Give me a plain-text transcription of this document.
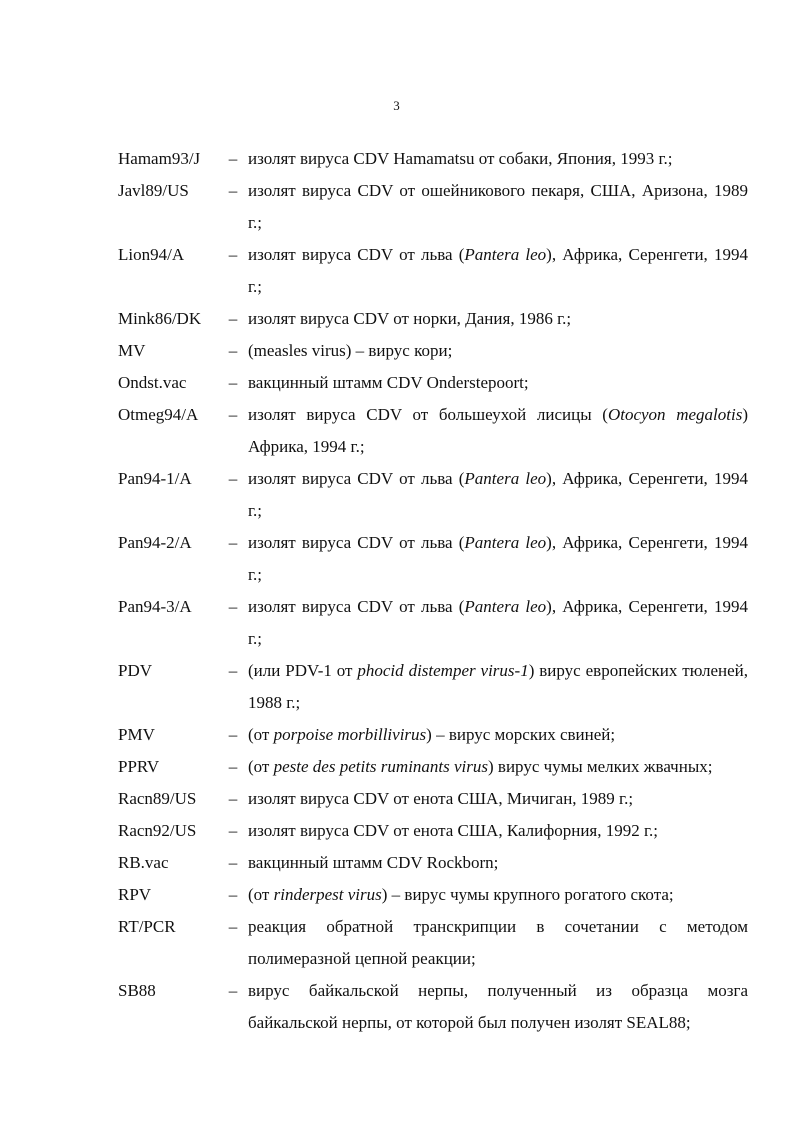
3
Hamam93/J	– изолят вируса CDV Hamamatsu от собаки, Япония, 1993 г.;
Javl89/US	– изолят вируса CDV от ошейникового пекаря, США, Аризона, 1989 г.;
Lion94/A	– изолят вируса CDV от льва (Pantera leo), Африка, Серенгети, 1994 г.;
Mink86/DK	– изолят вируса CDV от норки, Дания, 1986 г.;
MV	– (measles virus) – вирус кори;
Ondst.vac	– вакцинный штамм CDV Onderstepoort;
Otmeg94/A	– изолят вируса CDV от большеухой лисицы (Otocyon megalotis) Африка, 1994 г.;
Pan94-1/A	– изолят вируса CDV от льва (Pantera leo), Африка, Серенгети, 1994 г.;
Pan94-2/A	– изолят вируса CDV от льва (Pantera leo), Африка, Серенгети, 1994 г.;
Pan94-3/A	– изолят вируса CDV от льва (Pantera leo), Африка, Серенгети, 1994 г.;
PDV	– (или PDV-1 от phocid distemper virus-1) вирус европейских тюленей, 1988 г.;
PMV	– (от porpoise morbillivirus) – вирус морских свиней;
PPRV	– (от peste des petits ruminants virus) вирус чумы мелких жвачных;
Racn89/US	– изолят вируса CDV от енота США, Мичиган, 1989 г.;
Racn92/US	– изолят вируса CDV от енота США, Калифорния, 1992 г.;
RB.vac	– вакцинный штамм CDV Rockborn;
RPV	– (от rinderpest virus) – вирус чумы крупного рогатого скота;
RT/PCR	– реакция обратной транскрипции в сочетании с методом полимеразной цепной реакции;
SB88	– вирус байкальской нерпы, полученный из образца мозга байкальской нерпы, от которой был получен изолят SEAL88;
